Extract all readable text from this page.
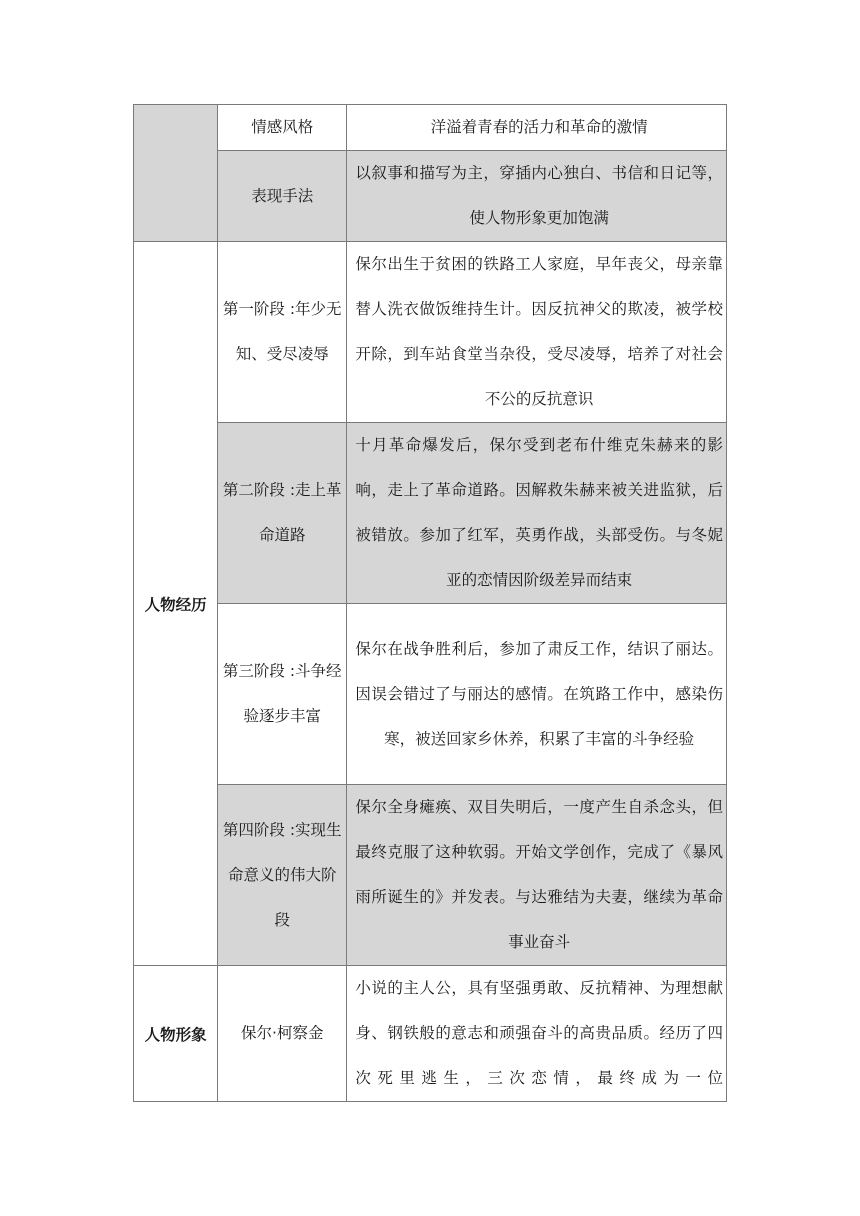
	情感风格	洋溢着青春的活力和革命的激情

	表现手法	以叙事和描写为主，穿插内心独白、书信和日记等，使人物形象更加饱满

人物经历	第一阶段 :年少无知、受尽凌辱	保尔出生于贫困的铁路工人家庭，早年丧父，母亲靠替人洗衣做饭维持生计。因反抗神父的欺凌，被学校开除，到车站食堂当杂役，受尽凌辱，培养了对社会不公的反抗意识

	第二阶段 :走上革命道路	十月革命爆发后，保尔受到老布什维克朱赫来的影响，走上了革命道路。因解救朱赫来被关进监狱，后被错放。参加了红军，英勇作战，头部受伤。与冬妮亚的恋情因阶级差异而结束

	第三阶段 :斗争经验逐步丰富	保尔在战争胜利后，参加了肃反工作，结识了丽达。因误会错过了与丽达的感情。在筑路工作中，感染伤寒，被送回家乡休养，积累了丰富的斗争经验

	第四阶段 :实现生命意义的伟大阶段	保尔全身瘫痪、双目失明后，一度产生自杀念头，但最终克服了这种软弱。开始文学创作，完成了《暴风雨所诞生的》并发表。与达雅结为夫妻，继续为革命事业奋斗

人物形象	保尔·柯察金	小说的主人公，具有坚强勇敢、反抗精神、为理想献身、钢铁般的意志和顽强奋斗的高贵品质。经历了四次死里逃生，三次恋情，最终成为一位
